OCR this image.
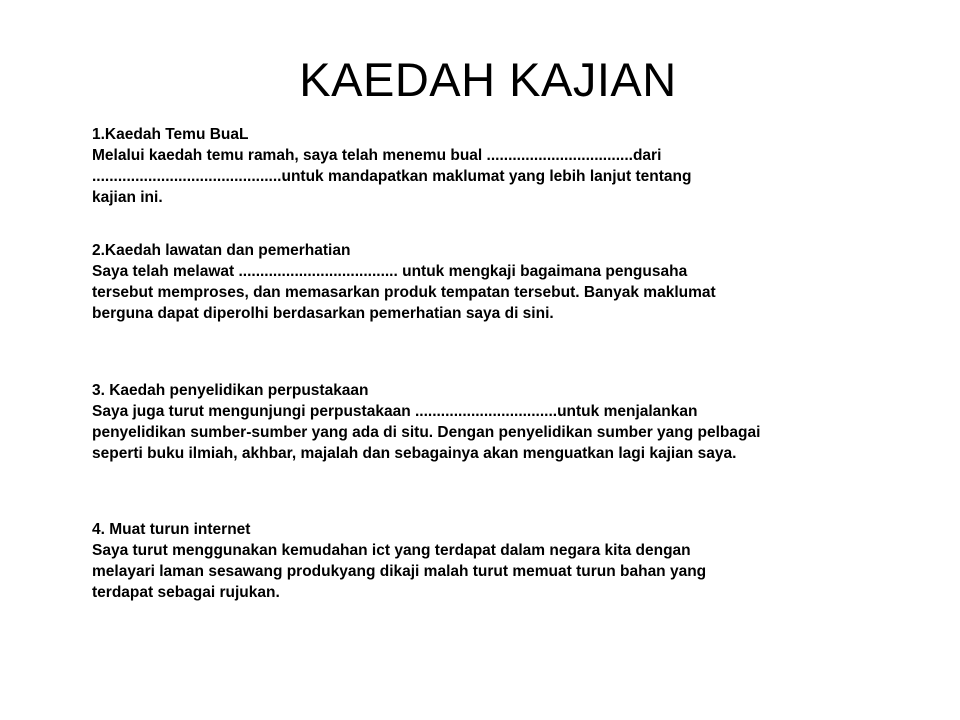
KAEDAH KAJIAN

1.Kaedah Temu BuaL

Melalui kaedah temu ramah, saya telah menemu bual ..................................dari
............................................untuk mandapatkan maklumat yang lebih lanjut tentang
kajian ini.

2.Kaedah lawatan dan pemerhatian

Saya telah melawat ..................................... untuk mengkaji bagaimana pengusaha
tersebut memproses, dan memasarkan produk tempatan tersebut. Banyak maklumat
berguna dapat diperolhi berdasarkan pemerhatian saya di sini.

3. Kaedah penyelidikan perpustakaan

Saya juga turut mengunjungi perpustakaan .................................untuk menjalankan
penyelidikan sumber-sumber yang ada di situ. Dengan penyelidikan sumber yang pelbagai
seperti buku ilmiah, akhbar, majalah dan sebagainya akan menguatkan lagi kajian saya.

4. Muat turun internet

Saya turut menggunakan kemudahan ict yang terdapat dalam negara kita dengan
melayari laman sesawang produkyang dikaji malah turut memuat turun bahan yang
terdapat sebagai rujukan.
